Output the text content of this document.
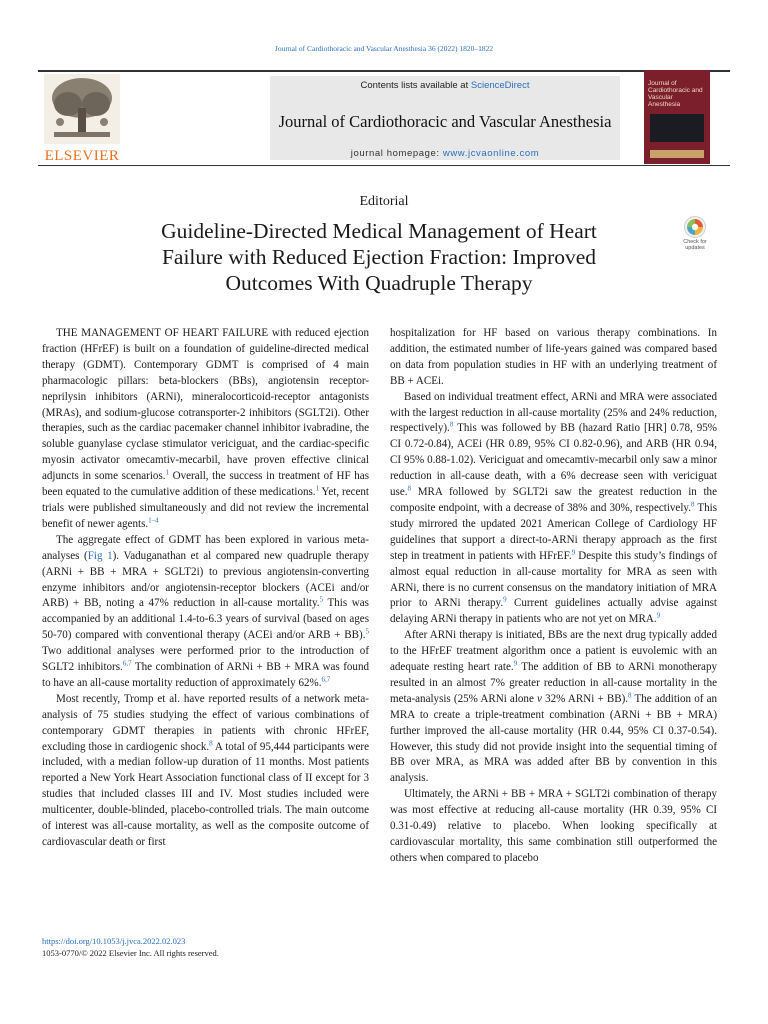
Journal of Cardiothoracic and Vascular Anesthesia 36 (2022) 1820–1822
ELSEVIER
Contents lists available at ScienceDirect
Journal of Cardiothoracic and Vascular Anesthesia
journal homepage: www.jcvaonline.com
Journal of Cardiothoracic and Vascular Anesthesia
Editorial
Guideline-Directed Medical Management of Heart Failure with Reduced Ejection Fraction: Improved Outcomes With Quadruple Therapy
Check for updates

THE MANAGEMENT OF HEART FAILURE with reduced ejection fraction (HFrEF) is built on a foundation of guideline-directed medical therapy (GDMT). Contemporary GDMT is comprised of 4 main pharmacologic pillars: beta-blockers (BBs), angiotensin receptor-neprilysin inhibitors (ARNi), mineralocorticoid-receptor antagonists (MRAs), and sodium-glucose cotransporter-2 inhibitors (SGLT2i). Other therapies, such as the cardiac pacemaker channel inhibitor ivabradine, the soluble guanylase cyclase stimulator vericiguat, and the cardiac-specific myosin activator omecamtiv-mecarbil, have proven effective clinical adjuncts in some scenarios.$^1$ Overall, the success in treatment of HF has been equated to the cumulative addition of these medications.$^1$ Yet, recent trials were published simultaneously and did not review the incremental benefit of newer agents.$^{1-4}$

The aggregate effect of GDMT has been explored in various meta-analyses (Fig 1). Vaduganathan et al compared new quadruple therapy (ARNi + BB + MRA + SGLT2i) to previous angiotensin-converting enzyme inhibitors and/or angiotensin-receptor blockers (ACEi and/or ARB) + BB, noting a 47% reduction in all-cause mortality.$^5$ This was accompanied by an additional 1.4-to-6.3 years of survival (based on ages 50-70) compared with conventional therapy (ACEi and/or ARB + BB).$^5$ Two additional analyses were performed prior to the introduction of SGLT2 inhibitors.$^{6,7}$ The combination of ARNi + BB + MRA was found to have an all-cause mortality reduction of approximately 62%.$^{6,7}$

Most recently, Tromp et al. have reported results of a network meta-analysis of 75 studies studying the effect of various combinations of contemporary GDMT therapies in patients with chronic HFrEF, excluding those in cardiogenic shock.$^8$ A total of 95,444 participants were included, with a median follow-up duration of 11 months. Most patients reported a New York Heart Association functional class of II except for 3 studies that included classes III and IV. Most studies included were multicenter, double-blinded, placebo-controlled trials. The main outcome of interest was all-cause mortality, as well as the composite outcome of cardiovascular death or first

hospitalization for HF based on various therapy combinations. In addition, the estimated number of life-years gained was compared based on data from population studies in HF with an underlying treatment of BB + ACEi.

Based on individual treatment effect, ARNi and MRA were associated with the largest reduction in all-cause mortality (25% and 24% reduction, respectively).$^8$ This was followed by BB (hazard Ratio [HR] 0.78, 95% CI 0.72-0.84), ACEi (HR 0.89, 95% CI 0.82-0.96), and ARB (HR 0.94, CI 95% 0.88-1.02). Vericiguat and omecamtiv-mecarbil only saw a minor reduction in all-cause death, with a 6% decrease seen with vericiguat use.$^8$ MRA followed by SGLT2i saw the greatest reduction in the composite endpoint, with a decrease of 38% and 30%, respectively.$^8$ This study mirrored the updated 2021 American College of Cardiology HF guidelines that support a direct-to-ARNi therapy approach as the first step in treatment in patients with HFrEF.$^9$ Despite this study’s findings of almost equal reduction in all-cause mortality for MRA as seen with ARNi, there is no current consensus on the mandatory initiation of MRA prior to ARNi therapy.$^9$ Current guidelines actually advise against delaying ARNi therapy in patients who are not yet on MRA.$^9$

After ARNi therapy is initiated, BBs are the next drug typically added to the HFrEF treatment algorithm once a patient is euvolemic with an adequate resting heart rate.$^9$ The addition of BB to ARNi monotherapy resulted in an almost 7% greater reduction in all-cause mortality in the meta-analysis (25% ARNi alone v 32% ARNi + BB).$^8$ The addition of an MRA to create a triple-treatment combination (ARNi + BB + MRA) further improved the all-cause mortality (HR 0.44, 95% CI 0.37-0.54). However, this study did not provide insight into the sequential timing of BB over MRA, as MRA was added after BB by convention in this analysis.

Ultimately, the ARNi + BB + MRA + SGLT2i combination of therapy was most effective at reducing all-cause mortality (HR 0.39, 95% CI 0.31-0.49) relative to placebo. When looking specifically at cardiovascular mortality, this same combination still outperformed the others when compared to placebo

https://doi.org/10.1053/j.jvca.2022.02.023
1053-0770/© 2022 Elsevier Inc. All rights reserved.
